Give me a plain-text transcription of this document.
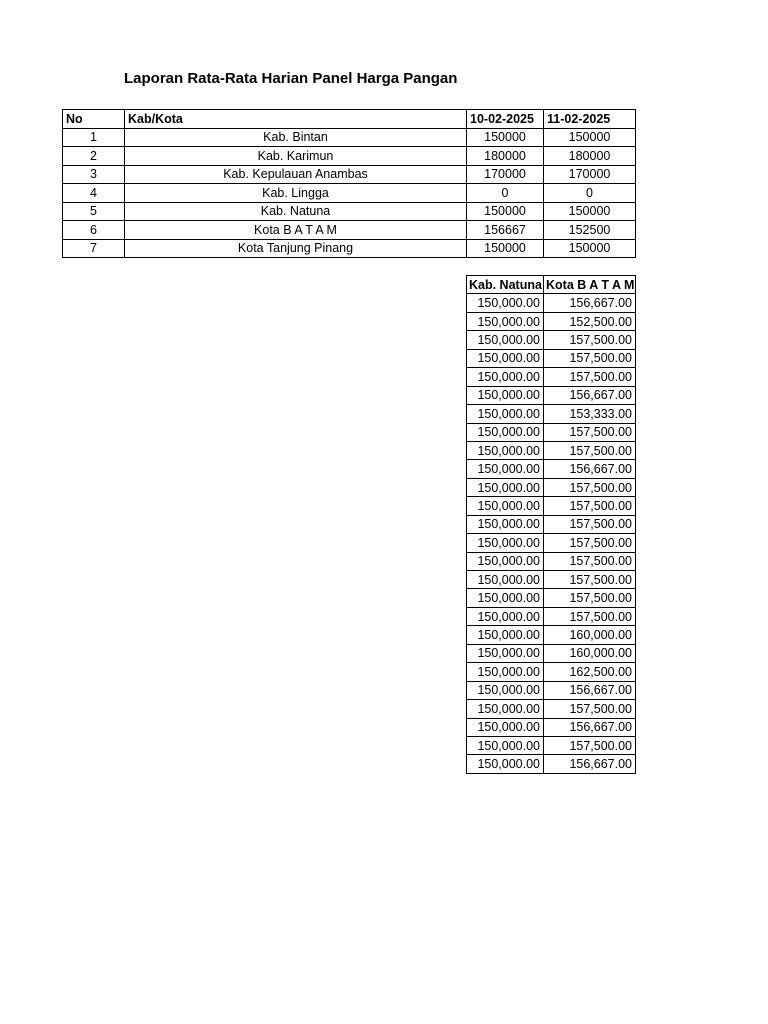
Laporan Rata-Rata Harian Panel Harga Pangan
No	Kab/Kota	10-02-2025	11-02-2025
1	Kab. Bintan	150000	150000
2	Kab. Karimun	180000	180000
3	Kab. Kepulauan Anambas	170000	170000
4	Kab. Lingga	0	0
5	Kab. Natuna	150000	150000
6	Kota B A T A M	156667	152500
7	Kota Tanjung Pinang	150000	150000
Kab. Natuna	Kota B A T A M
150,000.00	156,667.00
150,000.00	152,500.00
150,000.00	157,500.00
150,000.00	157,500.00
150,000.00	157,500.00
150,000.00	156,667.00
150,000.00	153,333.00
150,000.00	157,500.00
150,000.00	157,500.00
150,000.00	156,667.00
150,000.00	157,500.00
150,000.00	157,500.00
150,000.00	157,500.00
150,000.00	157,500.00
150,000.00	157,500.00
150,000.00	157,500.00
150,000.00	157,500.00
150,000.00	157,500.00
150,000.00	160,000.00
150,000.00	160,000.00
150,000.00	162,500.00
150,000.00	156,667.00
150,000.00	157,500.00
150,000.00	156,667.00
150,000.00	157,500.00
150,000.00	156,667.00
